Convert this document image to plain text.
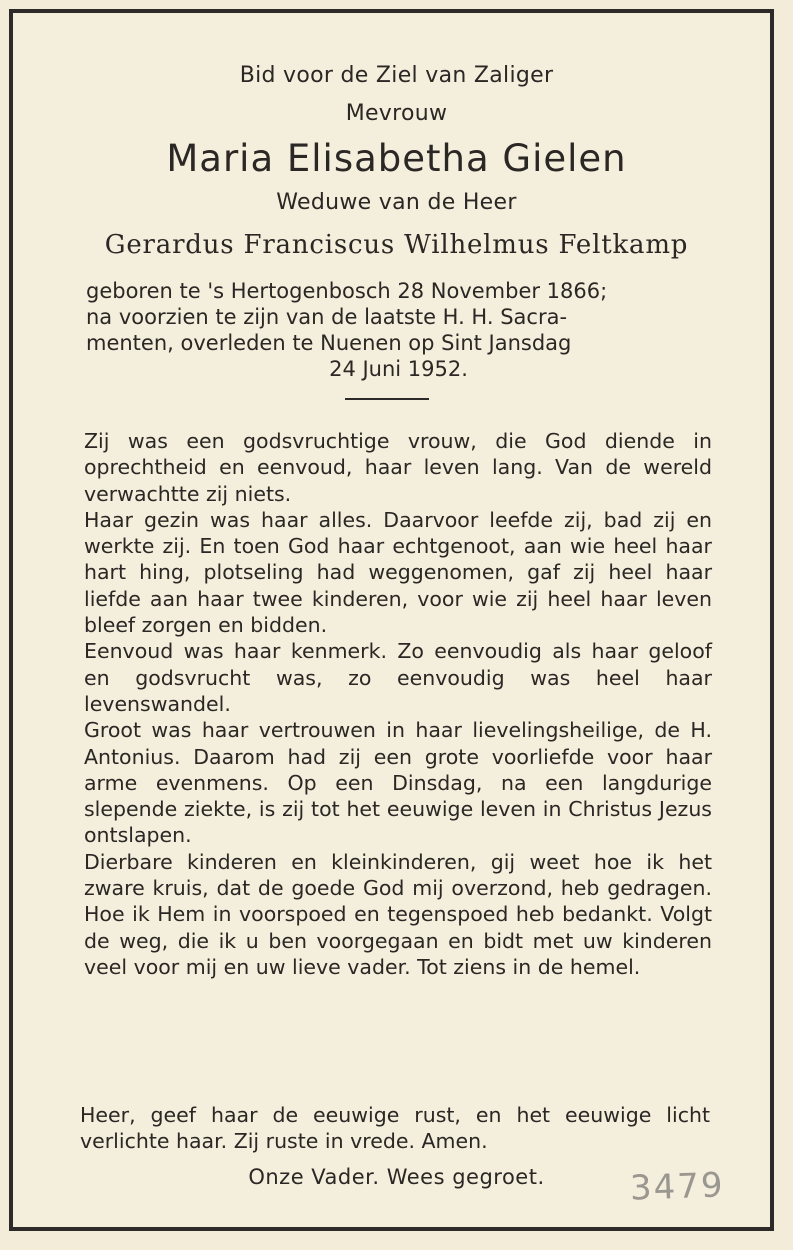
Bid voor de Ziel van Zaliger
Mevrouw
Maria Elisabetha Gielen
Weduwe van de Heer
Gerardus Franciscus Wilhelmus Feltkamp
geboren te 's Hertogenbosch 28 November 1866;
na voorzien te zijn van de laatste H. H. Sacra-
menten, overleden te Nuenen op Sint Jansdag
24 Juni 1952.

Zij was een godsvruchtige vrouw, die God diende in oprechtheid en eenvoud, haar leven lang. Van de wereld verwachtte zij niets.

Haar gezin was haar alles. Daarvoor leefde zij, bad zij en werkte zij. En toen God haar echtgenoot, aan wie heel haar hart hing, plotseling had weggenomen, gaf zij heel haar liefde aan haar twee kinderen, voor wie zij heel haar leven bleef zorgen en bidden.

Eenvoud was haar kenmerk. Zo eenvoudig als haar geloof en godsvrucht was, zo eenvoudig was heel haar levenswandel.

Groot was haar vertrouwen in haar lievelingsheilige, de H. Antonius. Daarom had zij een grote voorliefde voor haar arme evenmens. Op een Dinsdag, na een langdurige slepende ziekte, is zij tot het eeuwige leven in Christus Jezus ontslapen.

Dierbare kinderen en kleinkinderen, gij weet hoe ik het zware kruis, dat de goede God mij overzond, heb gedragen. Hoe ik Hem in voorspoed en tegenspoed heb bedankt. Volgt de weg, die ik u ben voorgegaan en bidt met uw kinderen veel voor mij en uw lieve vader. Tot ziens in de hemel.

Heer, geef haar de eeuwige rust, en het eeuwige licht verlichte haar. Zij ruste in vrede. Amen.
Onze Vader. Wees gegroet.	3479
